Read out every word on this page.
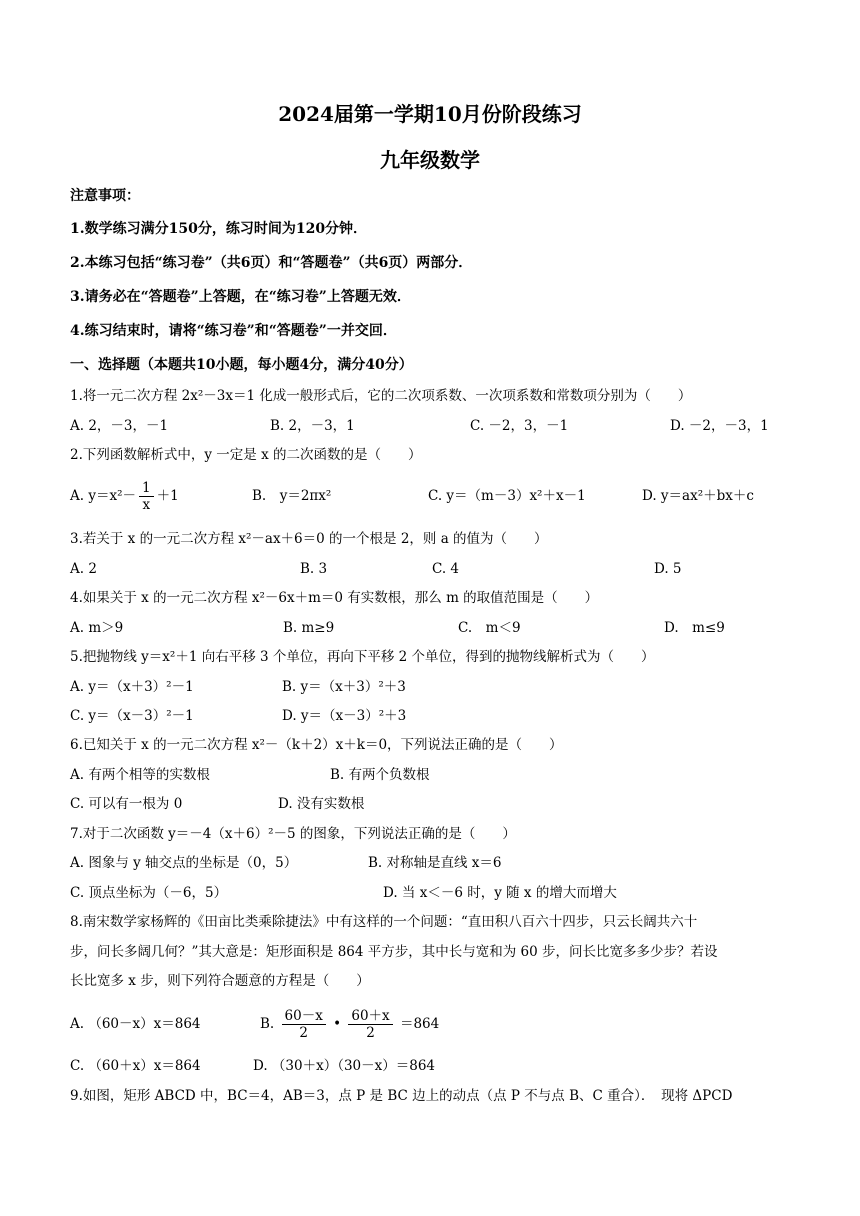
2024届第一学期10月份阶段练习
九年级数学
注意事项：
1.数学练习满分150分，练习时间为120分钟．
2.本练习包括“练习卷”（共6页）和“答题卷”（共6页）两部分．
3.请务必在“答题卷”上答题，在“练习卷”上答题无效．
4.练习结束时，请将“练习卷”和“答题卷”一并交回．
一、选择题（本题共10小题，每小题4分，满分40分）
1.将一元二次方程 2x²－3x＝1 化成一般形式后，它的二次项系数、一次项系数和常数项分别为（　　）
A. 2，－3，－1	B. 2，－3，1	C. －2，3，－1	D. －2，－3，1
2.下列函数解析式中，y 一定是 x 的二次函数的是（　　）
A. $y=x^2- \frac{1}{x} +1$	B.　y＝2πx²	C. y＝（m－3）x²＋x－1	D. y＝ax²＋bx＋c
3.若关于 x 的一元二次方程 x²－ax＋6＝0 的一个根是 2，则 a 的值为（　　）
A. 2	B. 3	C. 4	D. 5
4.如果关于 x 的一元二次方程 x²－6x＋m＝0 有实数根，那么 m 的取值范围是（　　）
A. m＞9	B. m≥9	C.　m＜9	D.　m≤9
5.把抛物线 y＝x²＋1 向右平移 3 个单位，再向下平移 2 个单位，得到的抛物线解析式为（　　）
A. y＝（x＋3）²－1	B. y＝（x＋3）²＋3
C. y＝（x－3）²－1	D. y＝（x－3）²＋3
6.已知关于 x 的一元二次方程 x²－（k＋2）x＋k＝0，下列说法正确的是（　　）
A. 有两个相等的实数根	B. 有两个负数根
C. 可以有一根为 0	D. 没有实数根
7.对于二次函数 y＝－4（x＋6）²－5 的图象，下列说法正确的是（　　）
A. 图象与 y 轴交点的坐标是（0，5）	B. 对称轴是直线 x＝6
C. 顶点坐标为（－6，5）	D. 当 x＜－6 时，y 随 x 的增大而增大
8.南宋数学家杨辉的《田亩比类乘除捷法》中有这样的一个问题：“直田积八百六十四步，只云长阔共六十
步，问长多阔几何？”其大意是：矩形面积是 864 平方步，其中长与宽和为 60 步，问长比宽多多少步？若设
长比宽多 x 步，则下列符合题意的方程是（　　）
A. （60－x）x＝864	B. $\frac{60-x}{2}$ • $\frac{60+x}{2} =864$
C. （60＋x）x＝864	D. （30＋x）（30－x）＝864
9.如图，矩形 ABCD 中，BC＝4，AB＝3，点 P 是 BC 边上的动点（点 P 不与点 B、C 重合）．　现将 ΔPCD
